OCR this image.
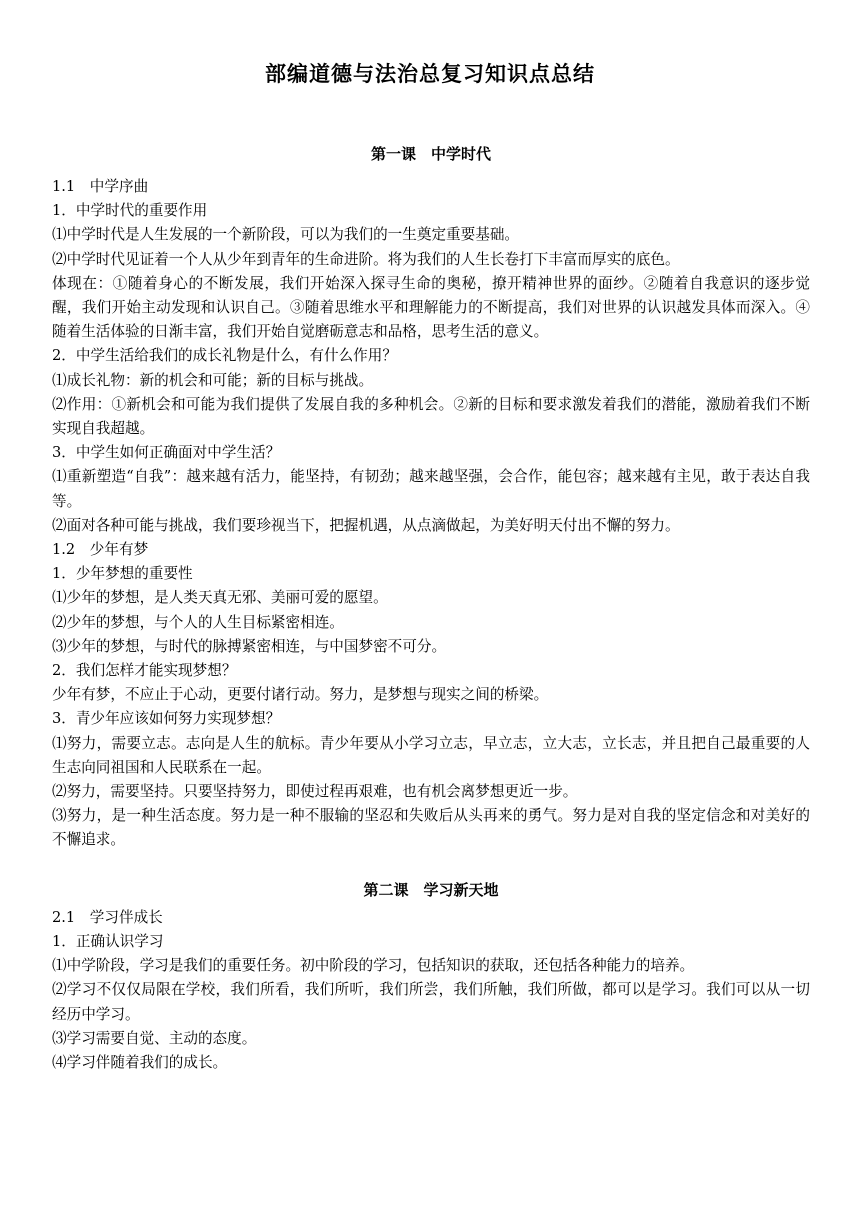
部编道德与法治总复习知识点总结
第一课　中学时代
1.1　中学序曲
1．中学时代的重要作用
⑴中学时代是人生发展的一个新阶段，可以为我们的一生奠定重要基础。
⑵中学时代见证着一个人从少年到青年的生命进阶。将为我们的人生长卷打下丰富而厚实的底色。
体现在：①随着身心的不断发展，我们开始深入探寻生命的奥秘，撩开精神世界的面纱。②随着自我意识的逐步觉醒，我们开始主动发现和认识自己。③随着思维水平和理解能力的不断提高，我们对世界的认识越发具体而深入。④随着生活体验的日渐丰富，我们开始自觉磨砺意志和品格，思考生活的意义。
2．中学生活给我们的成长礼物是什么，有什么作用？
⑴成长礼物：新的机会和可能；新的目标与挑战。
⑵作用：①新机会和可能为我们提供了发展自我的多种机会。②新的目标和要求激发着我们的潜能，激励着我们不断实现自我超越。
3．中学生如何正确面对中学生活？
⑴重新塑造“自我”：越来越有活力，能坚持，有韧劲；越来越坚强，会合作，能包容；越来越有主见，敢于表达自我等。
⑵面对各种可能与挑战，我们要珍视当下，把握机遇，从点滴做起，为美好明天付出不懈的努力。
1.2　少年有梦
1．少年梦想的重要性
⑴少年的梦想，是人类天真无邪、美丽可爱的愿望。
⑵少年的梦想，与个人的人生目标紧密相连。
⑶少年的梦想，与时代的脉搏紧密相连，与中国梦密不可分。
2．我们怎样才能实现梦想？
少年有梦，不应止于心动，更要付诸行动。努力，是梦想与现实之间的桥梁。
3．青少年应该如何努力实现梦想？
⑴努力，需要立志。志向是人生的航标。青少年要从小学习立志，早立志，立大志，立长志，并且把自己最重要的人生志向同祖国和人民联系在一起。
⑵努力，需要坚持。只要坚持努力，即使过程再艰难，也有机会离梦想更近一步。
⑶努力，是一种生活态度。努力是一种不服输的坚忍和失败后从头再来的勇气。努力是对自我的坚定信念和对美好的不懈追求。
第二课　学习新天地
2.1　学习伴成长
1．正确认识学习
⑴中学阶段，学习是我们的重要任务。初中阶段的学习，包括知识的获取，还包括各种能力的培养。
⑵学习不仅仅局限在学校，我们所看，我们所听，我们所尝，我们所触，我们所做，都可以是学习。我们可以从一切经历中学习。
⑶学习需要自觉、主动的态度。
⑷学习伴随着我们的成长。
